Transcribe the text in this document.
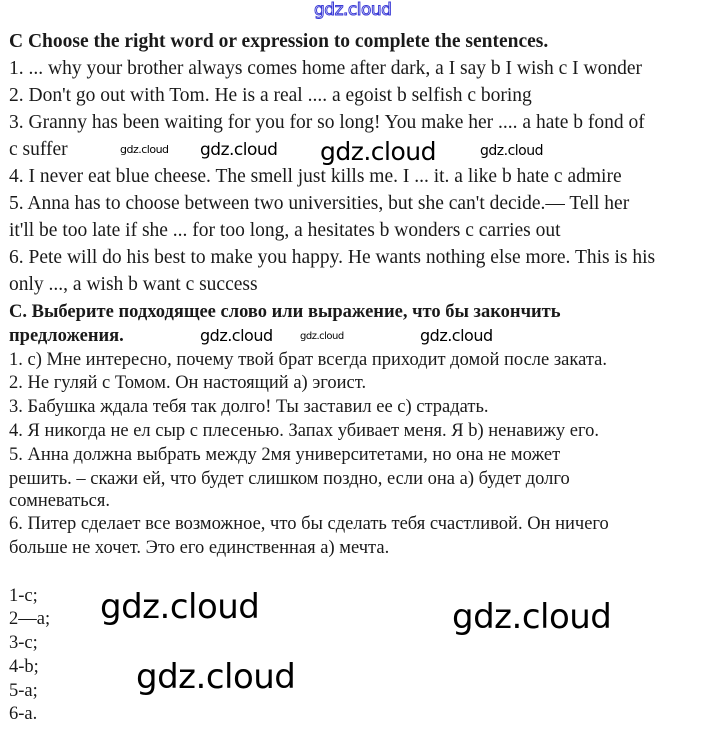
gdz.cloud
C Choose the right word or expression to complete the sentences.
1. ... why your brother always comes home after dark, a I say b I wish c I wonder
2. Don't go out with Tom. He is a real .... a egoist b selfish c boring
3. Granny has been waiting for you for so long! You make her .... a hate b fond of
c suffer
4. I never eat blue cheese. The smell just kills me. I ... it. a like b hate c admire
5. Anna has to choose between two universities, but she can't decide.— Tell her
it'll be too late if she ... for too long, a hesitates b wonders c carries out
6. Pete will do his best to make you happy. He wants nothing else more. This is his
only ..., a wish b want c success
С. Выберите подходящее слово или выражение, что бы закончить
предложения.
1. с) Мне интересно, почему твой брат всегда приходит домой после заката.
2. Не гуляй с Томом. Он настоящий а) эгоист.
3. Бабушка ждала тебя так долго! Ты заставил ее с) страдать.
4. Я никогда не ел сыр с плесенью. Запах убивает меня. Я b) ненавижу его.
5. Анна должна выбрать между 2мя университетами, но она не может
решить. – скажи ей, что будет слишком поздно, если она а) будет долго
сомневаться.
6. Питер сделает все возможное, что бы сделать тебя счастливой. Он ничего
больше не хочет. Это его единственная а) мечта.
1-c;
2—a;
3-c;
4-b;
5-a;
6-a.
gdz.cloud gdz.cloud gdz.cloud	gdz.cloud
gdz.cloud
gdz.cloud
gdz.cloud	gdz.cloud
gdz.cloud
gdz.cloud
